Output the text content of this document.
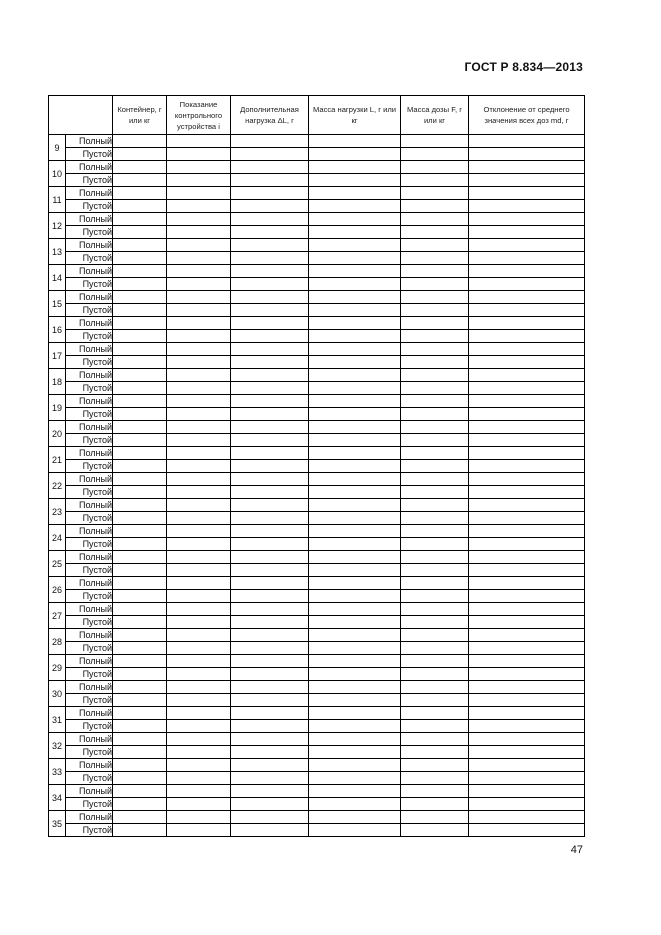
ГОСТ Р 8.834—2013
		Контейнер, г или кг	Показание контрольного устройства i	Дополнительная нагрузка ΔL, г	Масса нагрузки L, г или кг	Масса дозы F, г или кг	Отклонение от среднего значения всех доз md, г
9	Полный						
	Пустой						
10	Полный						
	Пустой						
11	Полный						
	Пустой						
12	Полный						
	Пустой						
13	Полный						
	Пустой						
14	Полный						
	Пустой						
15	Полный						
	Пустой						
16	Полный						
	Пустой						
17	Полный						
	Пустой						
18	Полный						
	Пустой						
19	Полный						
	Пустой						
20	Полный						
	Пустой						
21	Полный						
	Пустой						
22	Полный						
	Пустой						
23	Полный						
	Пустой						
24	Полный						
	Пустой						
25	Полный						
	Пустой						
26	Полный						
	Пустой						
27	Полный						
	Пустой						
28	Полный						
	Пустой						
29	Полный						
	Пустой						
30	Полный						
	Пустой						
31	Полный						
	Пустой						
32	Полный						
	Пустой						
33	Полный						
	Пустой						
34	Полный						
	Пустой						
35	Полный						
	Пустой						
47
